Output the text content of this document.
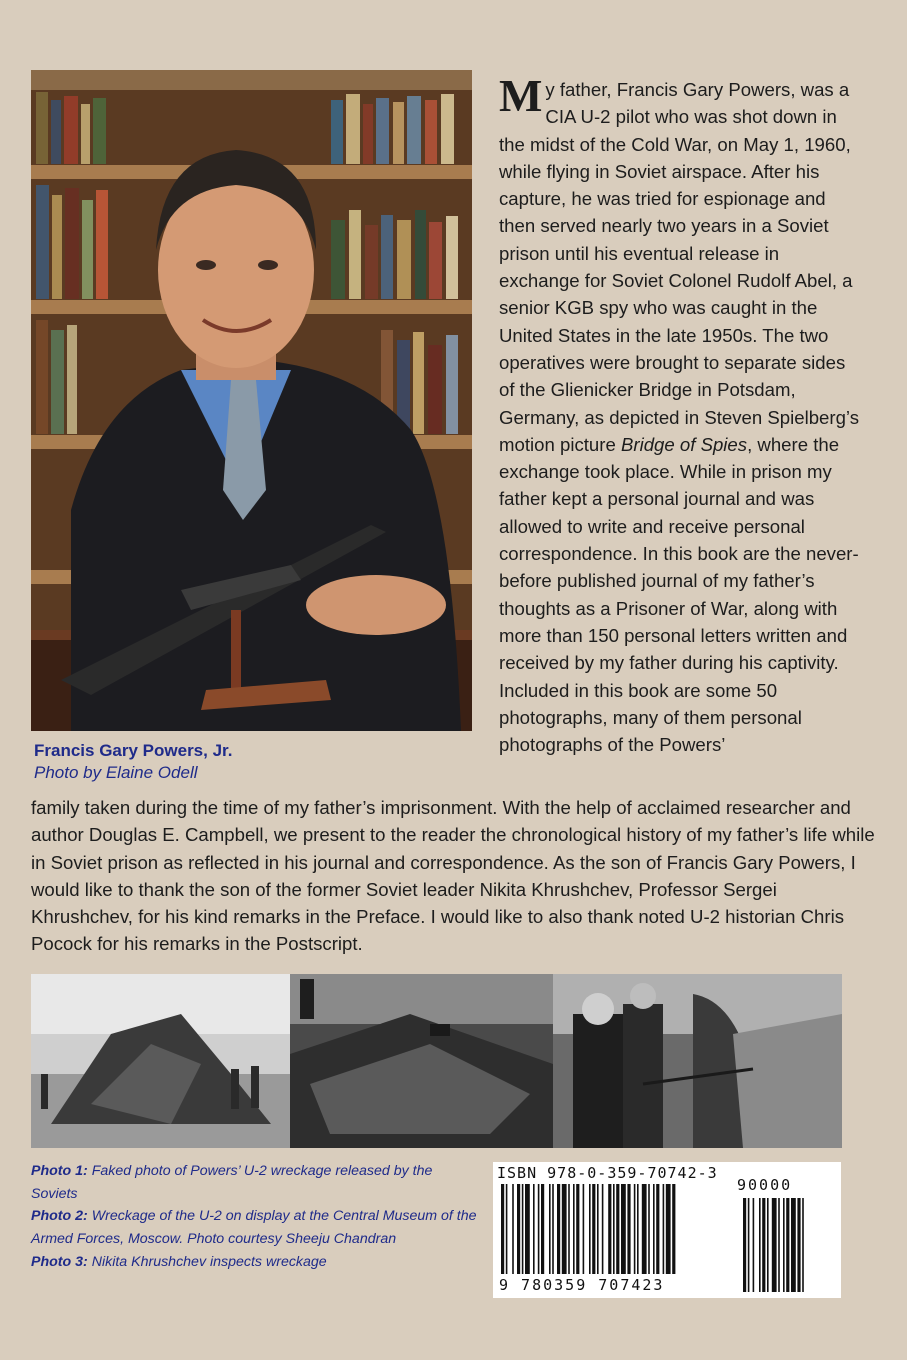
Francis Gary Powers, Jr.

Photo by Elaine Odell

My father, Francis Gary Powers, was a CIA U-2 pilot who was shot down in the midst of the Cold War, on May 1, 1960, while flying in Soviet airspace. After his capture, he was tried for espionage and then served nearly two years in a Soviet prison until his eventual release in exchange for Soviet Colonel Rudolf Abel, a senior KGB spy who was caught in the United States in the late 1950s. The two operatives were brought to separate sides of the Glienicker Bridge in Potsdam, Germany, as depicted in Steven Spielberg’s motion picture Bridge of Spies, where the exchange took place. While in prison my father kept a personal journal and was allowed to write and receive personal correspondence. In this book are the never-before published journal of my father’s thoughts as a Prisoner of War, along with more than 150 personal letters written and received by my father during his captivity. Included in this book are some 50 photographs, many of them personal photographs of the Powers’

family taken during the time of my father’s imprisonment. With the help of acclaimed researcher and author Douglas E. Campbell, we present to the reader the chronological history of my father’s life while in Soviet prison as reflected in his journal and correspondence. As the son of Francis Gary Powers, I would like to thank the son of the former Soviet leader Nikita Khrushchev, Professor Sergei Khrushchev, for his kind remarks in the Preface. I would like to also thank noted U-2 historian Chris Pocock for his remarks in the Postscript.

Photo 1: Faked photo of Powers’ U-2 wreckage released by the Soviets
Photo 2: Wreckage of the U-2 on display at the Central Museum of the Armed Forces, Moscow. Photo courtesy Sheeju Chandran
Photo 3: Nikita Khrushchev inspects wreckage

ISBN 978-0-359-70742-3

90000
9 780359 707423
